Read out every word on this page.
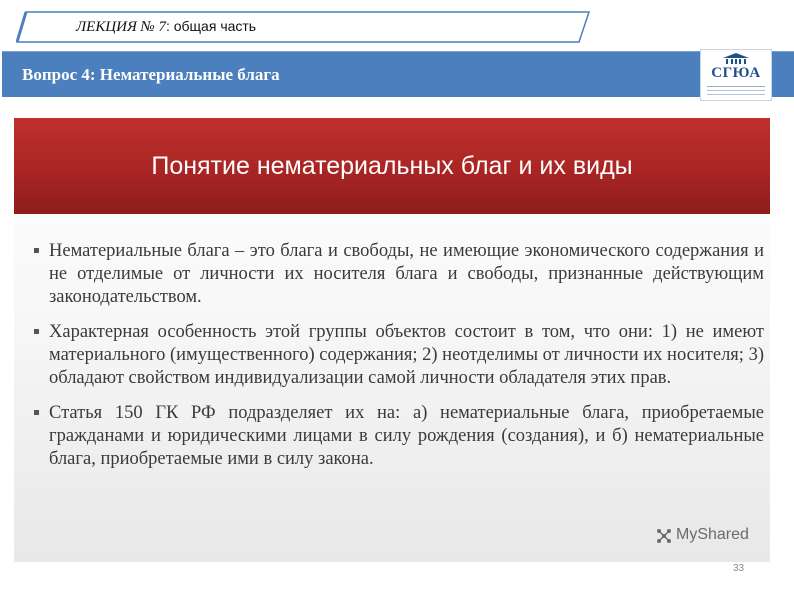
ЛЕКЦИЯ № 7: общая часть
Вопрос 4: Нематериальные блага	СГЮА
Понятие нематериальных благ и их виды
Нематериальные блага – это блага и свободы, не имеющие экономического содержания и не отделимые от личности их носителя блага и свободы, признанные действующим законодательством.
Характерная особенность этой группы объектов состоит в том, что они: 1) не имеют материального (имущественного) содержания; 2) неотделимы от личности их носителя; 3) обладают свойством индивидуализации самой личности обладателя этих прав.
Статья 150 ГК РФ подразделяет их на: а) нематериальные блага, приобретаемые гражданами и юридическими лицами в силу рождения (создания), и б) нематериальные блага, приобретаемые ими в силу закона.
MyShared
33
